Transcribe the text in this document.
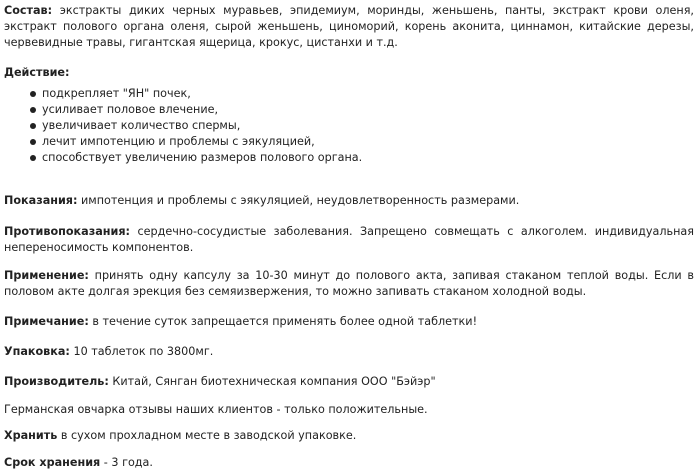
Состав: экстракты диких черных муравьев, эпидемиум, моринды, женьшень, панты, экстракт крови оленя, экстракт полового органа оленя, сырой женьшень, циноморий, корень аконита, циннамон, китайские дерезы, червевидные травы, гигантская ящерица, крокус, цистанхи и т.д.

Действие:

подкрепляет "ЯН" почек,
усиливает половое влечение,
увеличивает количество спермы,
лечит импотенцию и проблемы с эякуляцией,
способствует увеличению размеров полового органа.

Показания: импотенция и проблемы с эякуляцией, неудовлетворенность размерами.

Противопоказания: сердечно-сосудистые заболевания. Запрещено совмещать с алкоголем. индивидуальная непереносимость компонентов.

Применение: принять одну капсулу за 10-30 минут до полового акта, запивая стаканом теплой воды. Если в половом акте долгая эрекция без семяизвержения, то можно запивать стаканом холодной воды.

Примечание: в течение суток запрещается применять более одной таблетки!

Упаковка: 10 таблеток по 3800мг.

Производитель: Китай, Сянган биотехническая компания ООО "Бэйэр"

Германская овчарка отзывы наших клиентов - только положительные.

Хранить в сухом прохладном месте в заводской упаковке.

Срок хранения - 3 года.
